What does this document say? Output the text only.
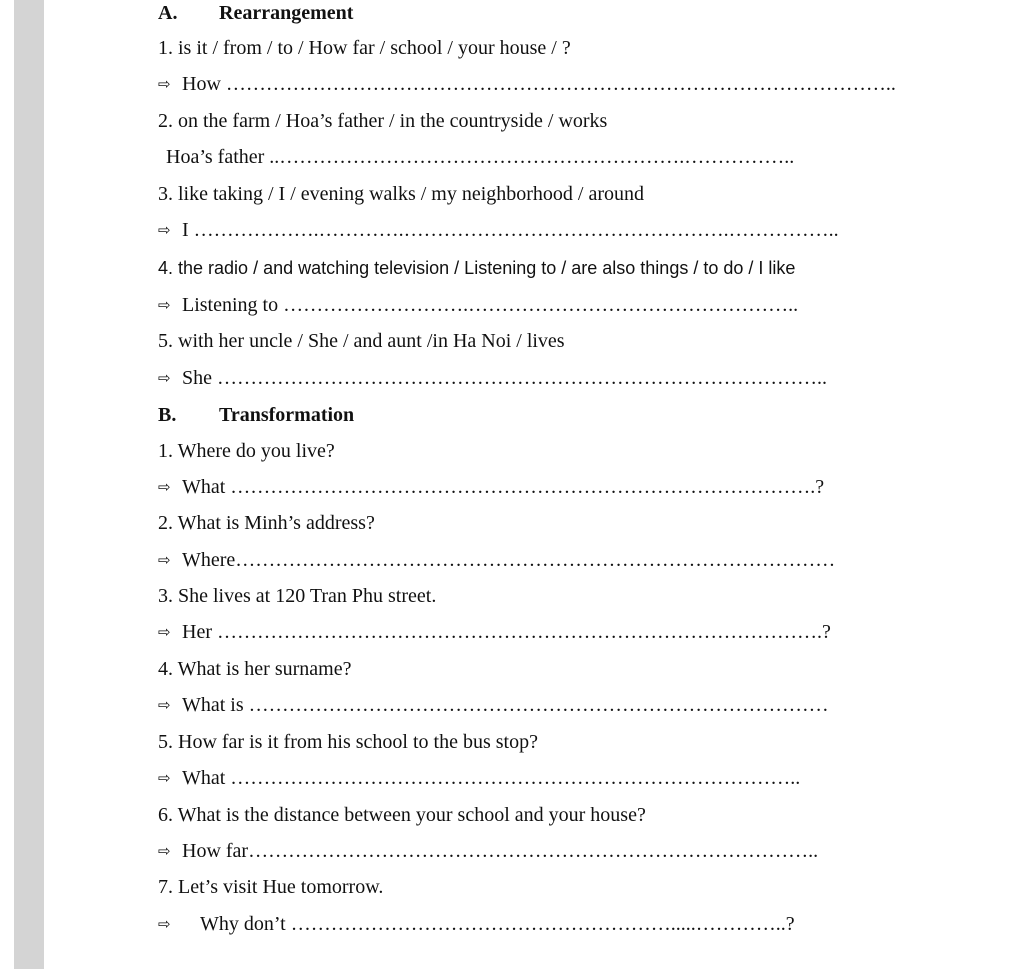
A. Rearrangement
1. is it / from / to / How far / school / your house / ?
⇨ How ………………………………………………………………………………………..
2. on the farm / Hoa’s father / in the countryside / works
Hoa’s father ..…………………………………………………….……………..
3. like taking / I / evening walks / my neighborhood / around
⇨ I ……………….………….………………………………………….……………..
4. the radio / and watching television / Listening to / are also things / to do / I like
⇨ Listening to ……………………….…………………………………………..
5. with her uncle / She / and aunt /in Ha Noi / lives
⇨ She ………………………………………………………………………………..
B. Transformation
1. Where do you live?
⇨ What …………………………………………………………………………….?
2. What is Minh’s address?
⇨ Where………………………………………………………………………………
3. She lives at 120 Tran Phu street.
⇨ Her ……………………………………………………………………………….?
4. What is her surname?
⇨ What is ……………………………………………………………………………
5. How far is it from his school to the bus stop?
⇨ What …………………………………………………………………………..
6. What is the distance between your school and your house?
⇨ How far…………………………………………………………………………..
7. Let’s visit Hue tomorrow.
⇨ Why don’t ………………………………………………….....…………..?
